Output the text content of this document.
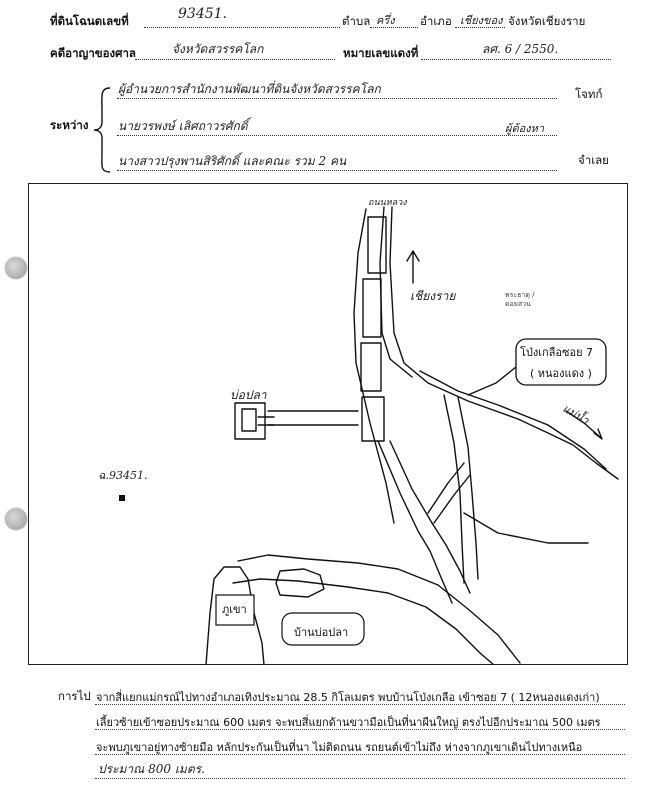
ที่ดินโฉนดเลขที่	93451.	ตำบล ครึ่ง อำเภอ เชียงของ จังหวัดเชียงราย
คดีอาญาของศาล	จังหวัดสวรรคโลก	หมายเลขแดงที่	ลศ. 6 / 2550.
ระหว่าง
ผู้อำนวยการสำนักงานพัฒนาที่ดินจังหวัดสวรรคโลก	โจทก์
นายวรพงษ์ เลิศถาวรศักดิ์	ผู้ต้องหา
นางสาวปรุงพานสิริศักดิ์ และคณะ รวม 2 คน	จำเลย
ถนนหลวง
เชียงราย	พระธาตุ / ดอยสวน
โป่งเกลือซอย 7
( หนองแดง )
แม่น้ำ
บ่อปลา
ฉ.93451.
ภูเขา
บ้านบ่อปลา
การไป จากสี่แยกแม่กรณ์ไปทางอำเภอเทิงประมาณ 28.5 กิโลเมตร พบบ้านโป่งเกลือ เข้าซอย 7 ( 12หนองแดงเก่า)
เลี้ยวซ้ายเข้าซอยประมาณ 600 เมตร จะพบสี่แยกด้านขวามือเป็นที่นาผืนใหญ่ ตรงไปอีกประมาณ 500 เมตร
จะพบภูเขาอยู่ทางซ้ายมือ หลักประกันเป็นที่นา ไม่ติดถนน รถยนต์เข้าไม่ถึง ห่างจากภูเขาเดินไปทางเหนือ
ประมาณ 800 เมตร.
